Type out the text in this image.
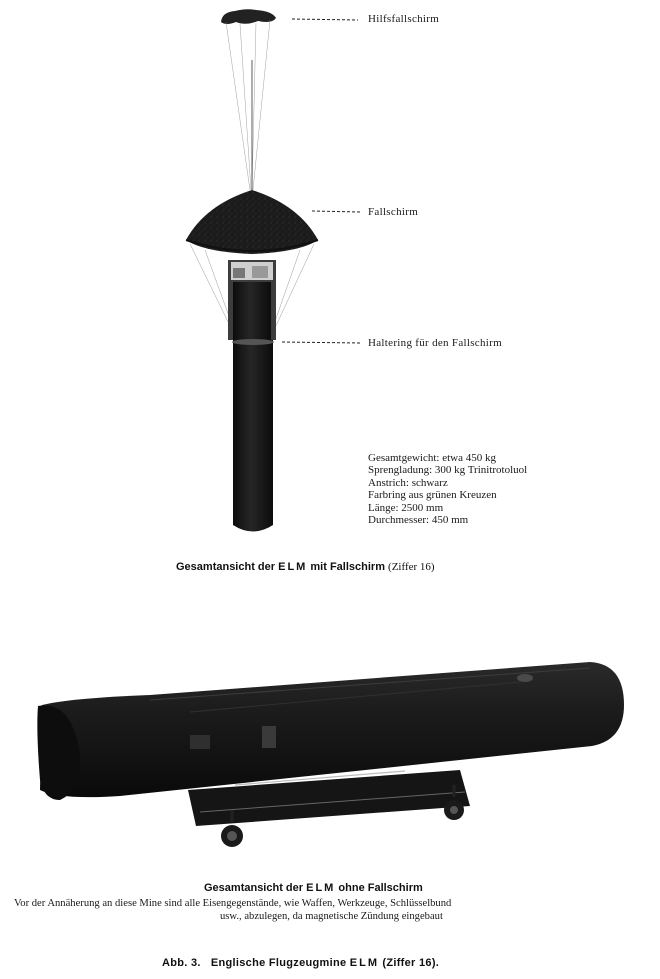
Hilfsfallschirm
Fallschirm
Haltering für den Fallschirm
Gesamtgewicht: etwa 450 kg
Sprengladung: 300 kg Trinitrotoluol
Anstrich: schwarz
Farbring aus grünen Kreuzen
Länge: 2500 mm
Durchmesser: 450 mm
Gesamtansicht der ELM mit Fallschirm (Ziffer 16)
Gesamtansicht der ELM ohne Fallschirm
Vor der Annäherung an diese Mine sind alle Eisengegenstände, wie Waffen, Werkzeuge, Schlüsselbund
usw., abzulegen, da magnetische Zündung eingebaut
Abb. 3. Englische Flugzeugmine ELM (Ziffer 16).
